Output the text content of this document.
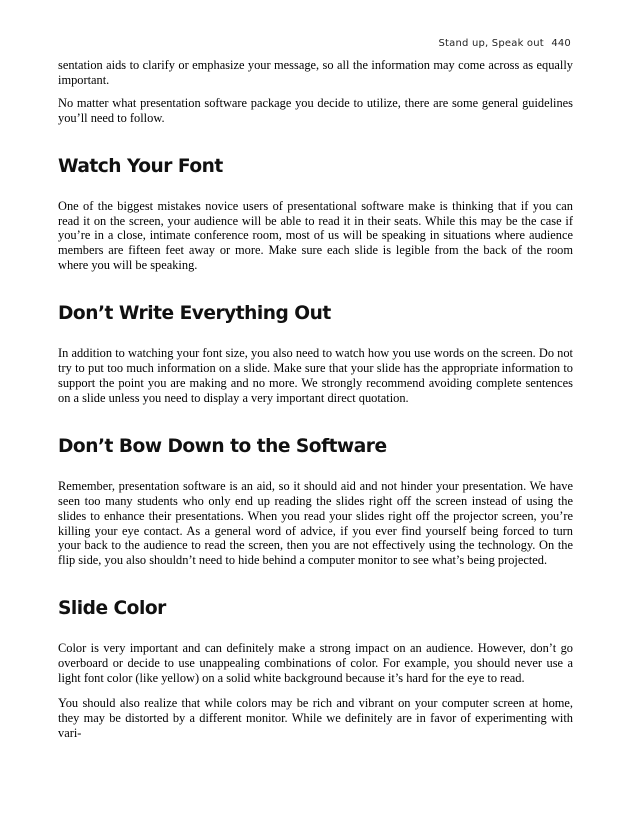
Stand up, Speak out 440

sentation aids to clarify or emphasize your message, so all the information may come across as equally important.

No matter what presentation software package you decide to utilize, there are some general guidelines you’ll need to follow.

Watch Your Font

One of the biggest mistakes novice users of presentational software make is thinking that if you can read it on the screen, your audience will be able to read it in their seats. While this may be the case if you’re in a close, intimate conference room, most of us will be speaking in situations where audience members are fifteen feet away or more. Make sure each slide is legible from the back of the room where you will be speaking.

Don’t Write Everything Out

In addition to watching your font size, you also need to watch how you use words on the screen. Do not try to put too much information on a slide. Make sure that your slide has the appropriate information to support the point you are making and no more. We strongly recommend avoiding complete sentences on a slide unless you need to display a very important direct quotation.

Don’t Bow Down to the Software

Remember, presentation software is an aid, so it should aid and not hinder your presentation. We have seen too many students who only end up reading the slides right off the screen instead of using the slides to enhance their presentations. When you read your slides right off the projector screen, you’re killing your eye contact. As a general word of advice, if you ever find yourself being forced to turn your back to the audience to read the screen, then you are not effectively using the technology. On the flip side, you also shouldn’t need to hide behind a computer monitor to see what’s being projected.

Slide Color

Color is very important and can definitely make a strong impact on an audience. However, don’t go overboard or decide to use unappealing combinations of color. For example, you should never use a light font color (like yellow) on a solid white background because it’s hard for the eye to read.

You should also realize that while colors may be rich and vibrant on your computer screen at home, they may be distorted by a different monitor. While we definitely are in favor of experimenting with vari-
